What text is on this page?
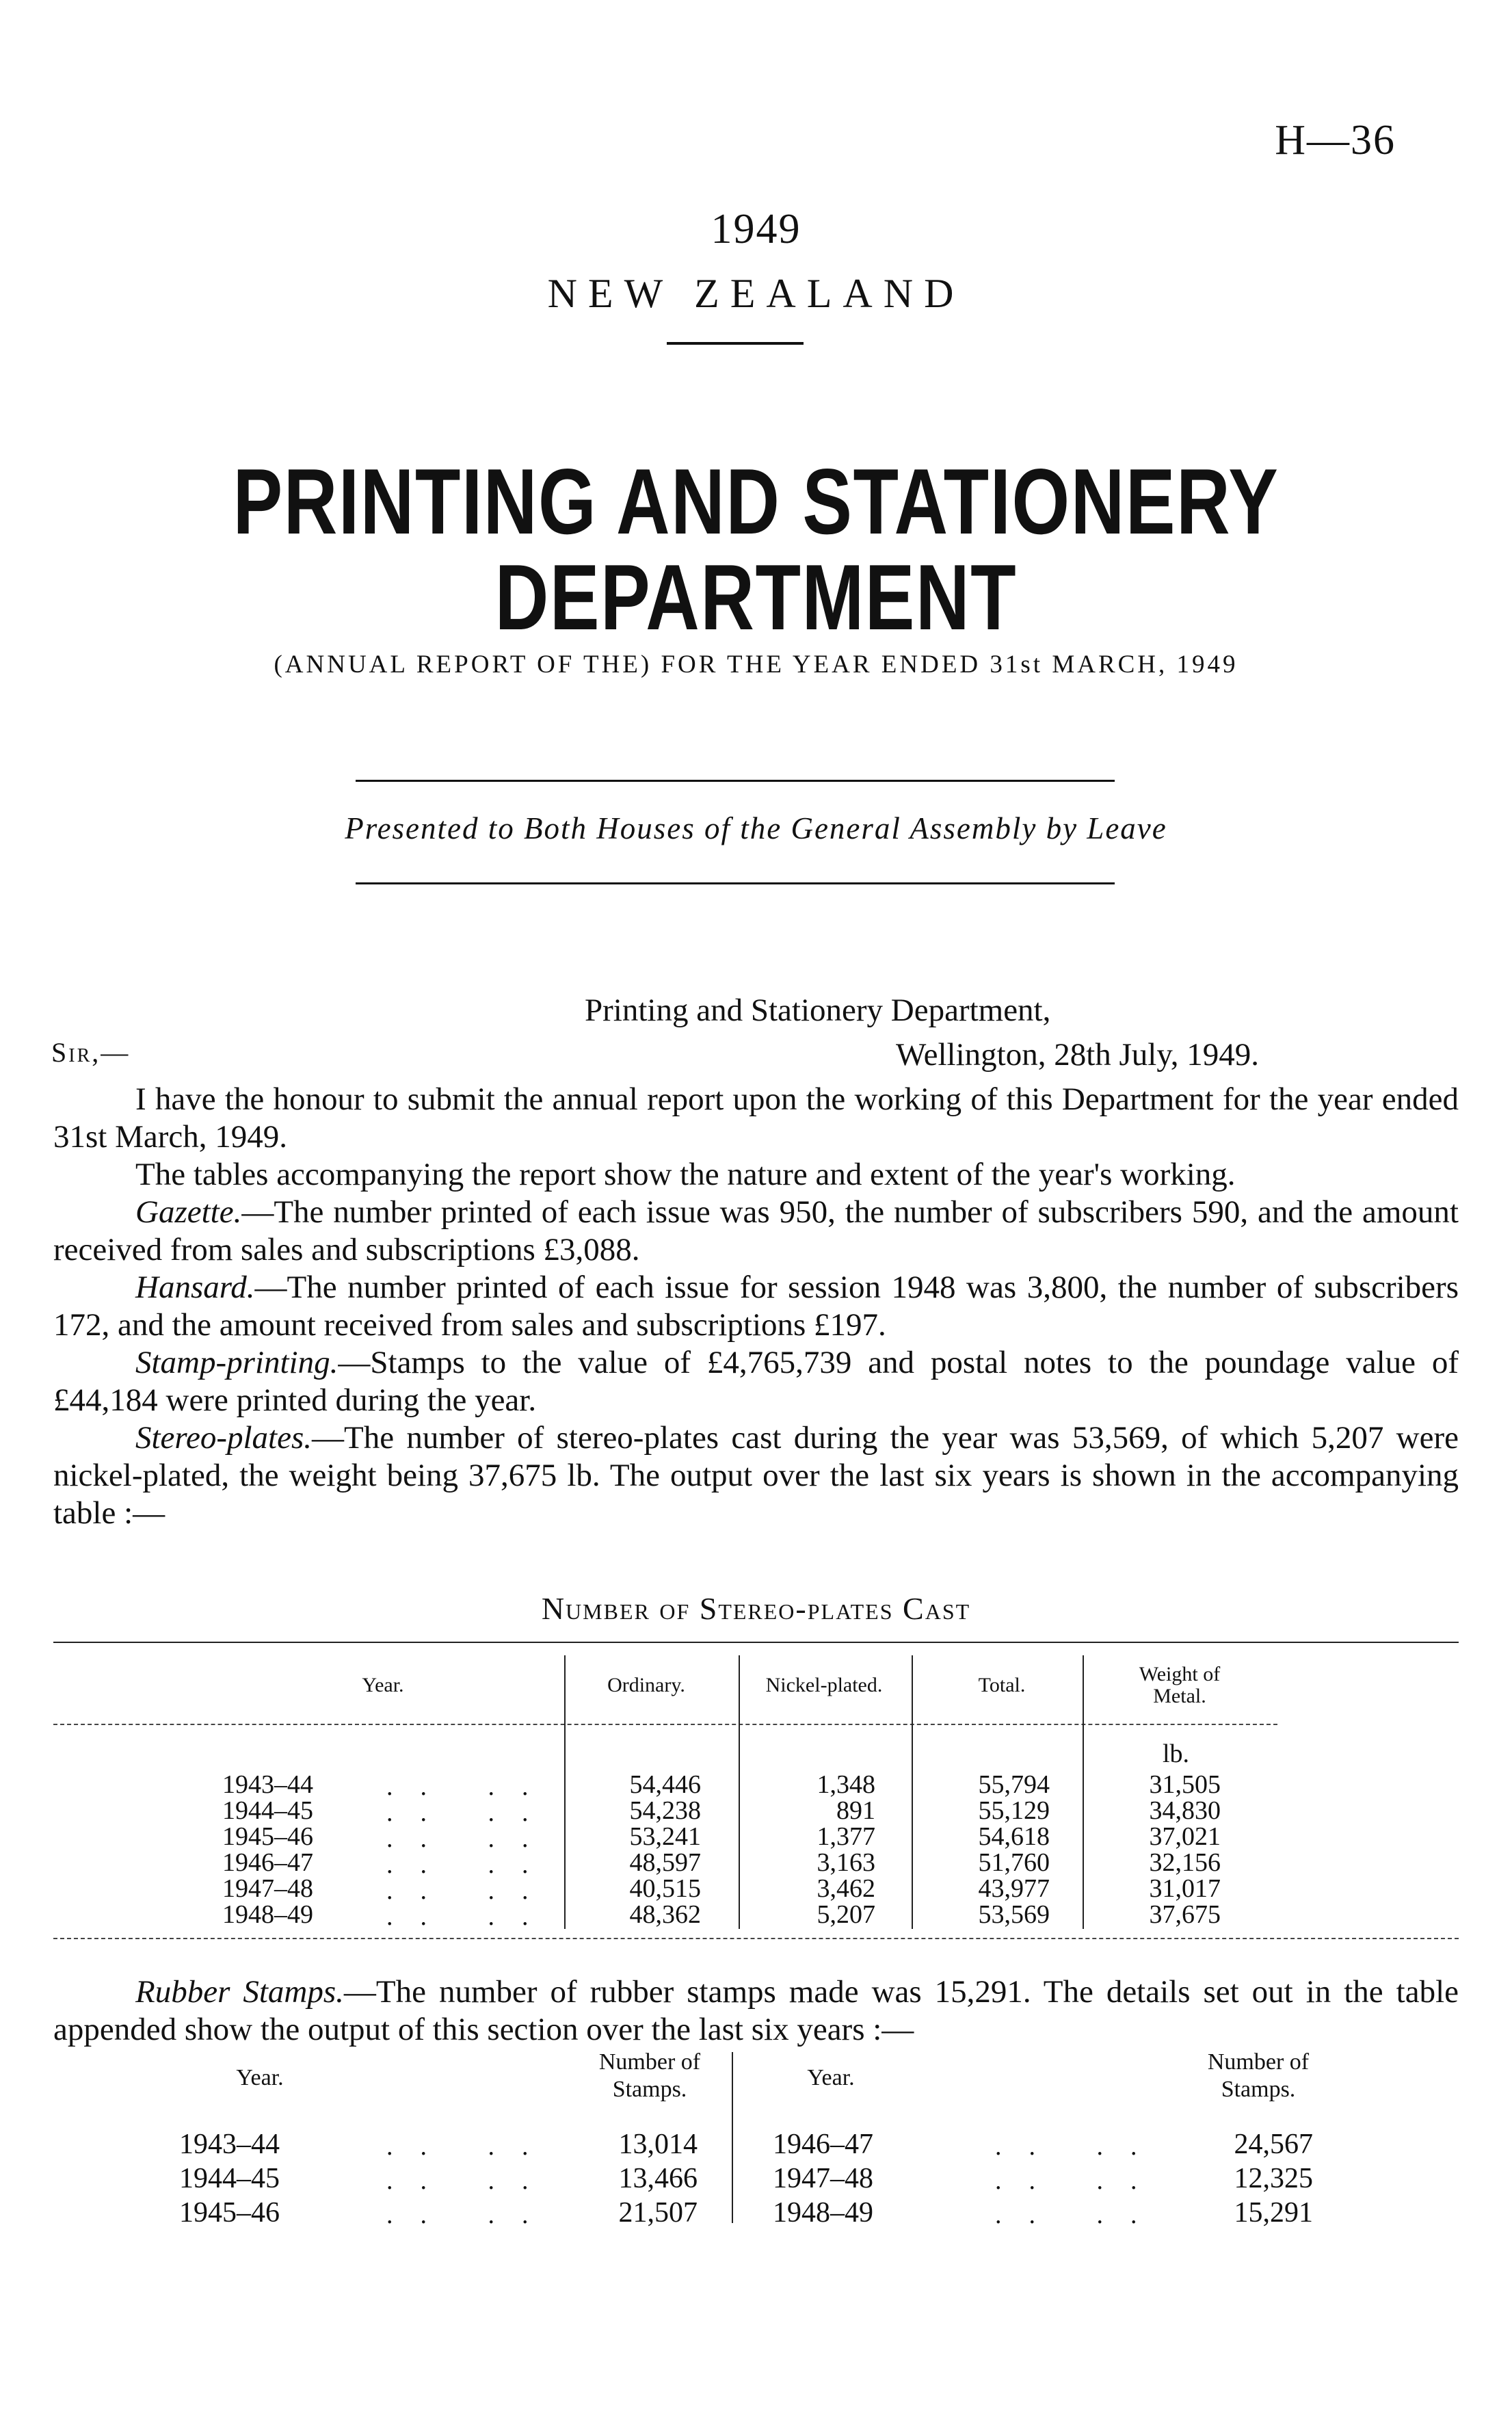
H—36
1949
NEW ZEALAND
PRINTING AND STATIONERY
DEPARTMENT
(ANNUAL REPORT OF THE) FOR THE YEAR ENDED 31st MARCH, 1949
Presented to Both Houses of the General Assembly by Leave
Printing and Stationery Department,
Sir,—	Wellington, 28th July, 1949.
I have the honour to submit the annual report upon the working of this Department for the year ended 31st March, 1949.
The tables accompanying the report show the nature and extent of the year's working.
Gazette.—The number printed of each issue was 950, the number of subscribers 590, and the amount received from sales and subscriptions £3,088.
Hansard.—The number printed of each issue for session 1948 was 3,800, the number of subscribers 172, and the amount received from sales and subscriptions £197.
Stamp-printing.—Stamps to the value of £4,765,739 and postal notes to the poundage value of £44,184 were printed during the year.
Stereo-plates.—The number of stereo-plates cast during the year was 53,569, of which 5,207 were nickel-plated, the weight being 37,675 lb. The output over the last six years is shown in the accompanying table :—
Number of Stereo-plates Cast
Year.	Ordinary.	Nickel-plated.	Total.	Weight of
Metal.
lb.
1943–44	.. ..	54,446	1,348	55,794	31,505
1944–45	.. ..	54,238	891	55,129	34,830
1945–46	.. ..	53,241	1,377	54,618	37,021
1946–47	.. ..	48,597	3,163	51,760	32,156
1947–48	.. ..	40,515	3,462	43,977	31,017
1948–49	.. ..	48,362	5,207	53,569	37,675
Rubber Stamps.—The number of rubber stamps made was 15,291. The details set out in the table appended show the output of this section over the last six years :—
Year.
Number of
Stamps.	Year.
Number of
Stamps.
1943–44	.. ..	13,014
1944–45	.. ..	13,466
1945–46	.. ..	21,507
1946–47	.. ..	24,567
1947–48	.. ..	12,325
1948–49	.. ..	15,291
